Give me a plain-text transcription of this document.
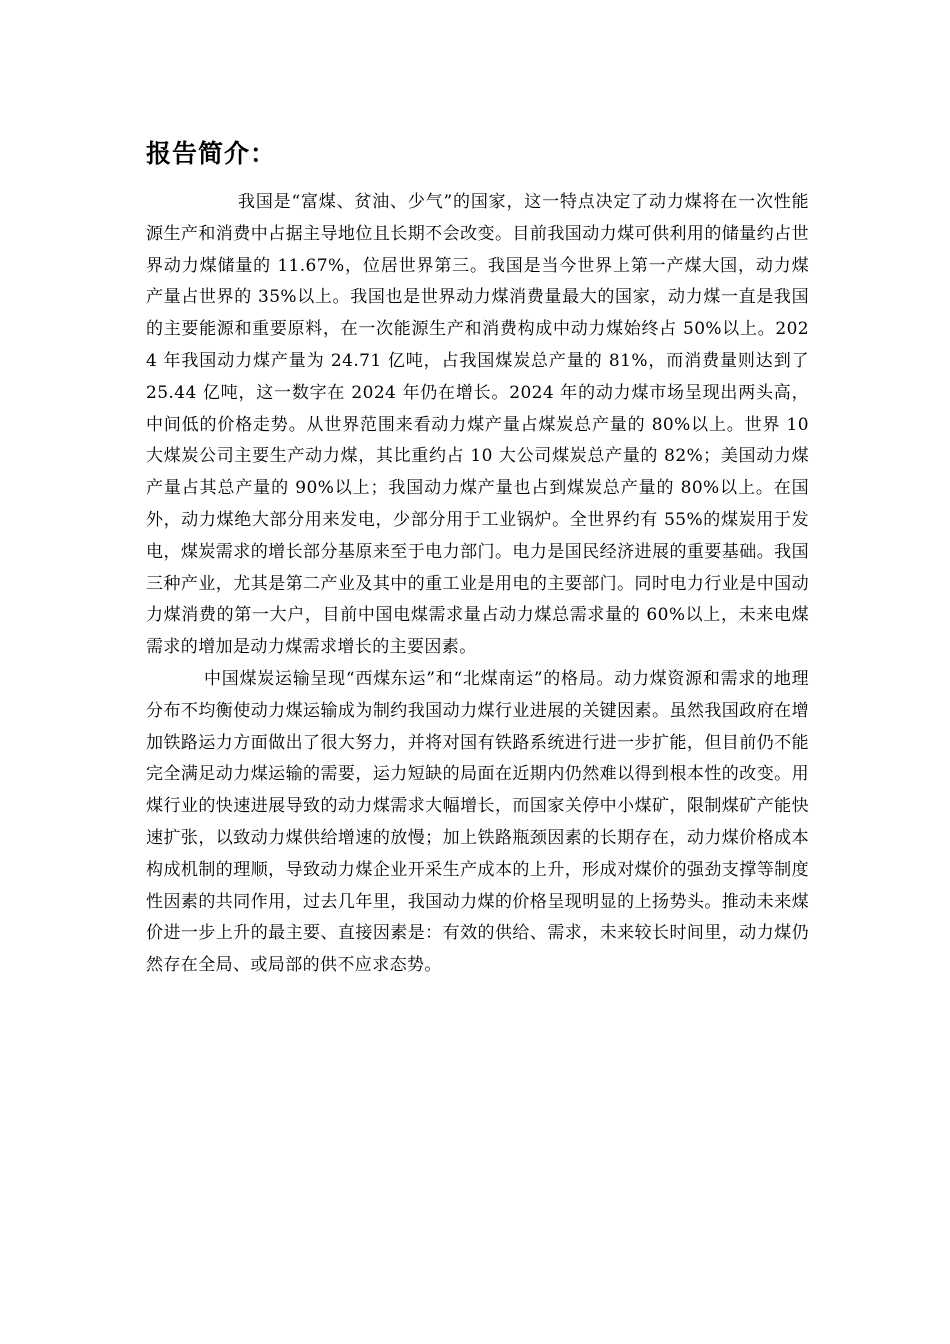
报告简介：

我国是“富煤、贫油、少气”的国家，这一特点决定了动力煤将在一次性能源生产和消费中占据主导地位且长期不会改变。目前我国动力煤可供利用的储量约占世界动力煤储量的 11.67%，位居世界第三。我国是当今世界上第一产煤大国，动力煤产量占世界的 35%以上。我国也是世界动力煤消费量最大的国家，动力煤一直是我国的主要能源和重要原料，在一次能源生产和消费构成中动力煤始终占 50%以上。2024 年我国动力煤产量为 24.71 亿吨，占我国煤炭总产量的 81%，而消费量则达到了 25.44 亿吨，这一数字在 2024 年仍在增长。2024 年的动力煤市场呈现出两头高，中间低的价格走势。从世界范围来看动力煤产量占煤炭总产量的 80%以上。世界 10 大煤炭公司主要生产动力煤，其比重约占 10 大公司煤炭总产量的 82%；美国动力煤产量占其总产量的 90%以上；我国动力煤产量也占到煤炭总产量的 80%以上。在国外，动力煤绝大部分用来发电，少部分用于工业锅炉。全世界约有 55%的煤炭用于发电，煤炭需求的增长部分基原来至于电力部门。电力是国民经济进展的重要基础。我国三种产业，尤其是第二产业及其中的重工业是用电的主要部门。同时电力行业是中国动力煤消费的第一大户，目前中国电煤需求量占动力煤总需求量的 60%以上，未来电煤需求的增加是动力煤需求增长的主要因素。

中国煤炭运输呈现“西煤东运”和“北煤南运”的格局。动力煤资源和需求的地理分布不均衡使动力煤运输成为制约我国动力煤行业进展的关键因素。虽然我国政府在增加铁路运力方面做出了很大努力，并将对国有铁路系统进行进一步扩能，但目前仍不能完全满足动力煤运输的需要，运力短缺的局面在近期内仍然难以得到根本性的改变。用煤行业的快速进展导致的动力煤需求大幅增长，而国家关停中小煤矿，限制煤矿产能快速扩张，以致动力煤供给增速的放慢；加上铁路瓶颈因素的长期存在，动力煤价格成本构成机制的理顺，导致动力煤企业开采生产成本的上升，形成对煤价的强劲支撑等制度性因素的共同作用，过去几年里，我国动力煤的价格呈现明显的上扬势头。推动未来煤价进一步上升的最主要、直接因素是：有效的供给、需求，未来较长时间里，动力煤仍然存在全局、或局部的供不应求态势。
